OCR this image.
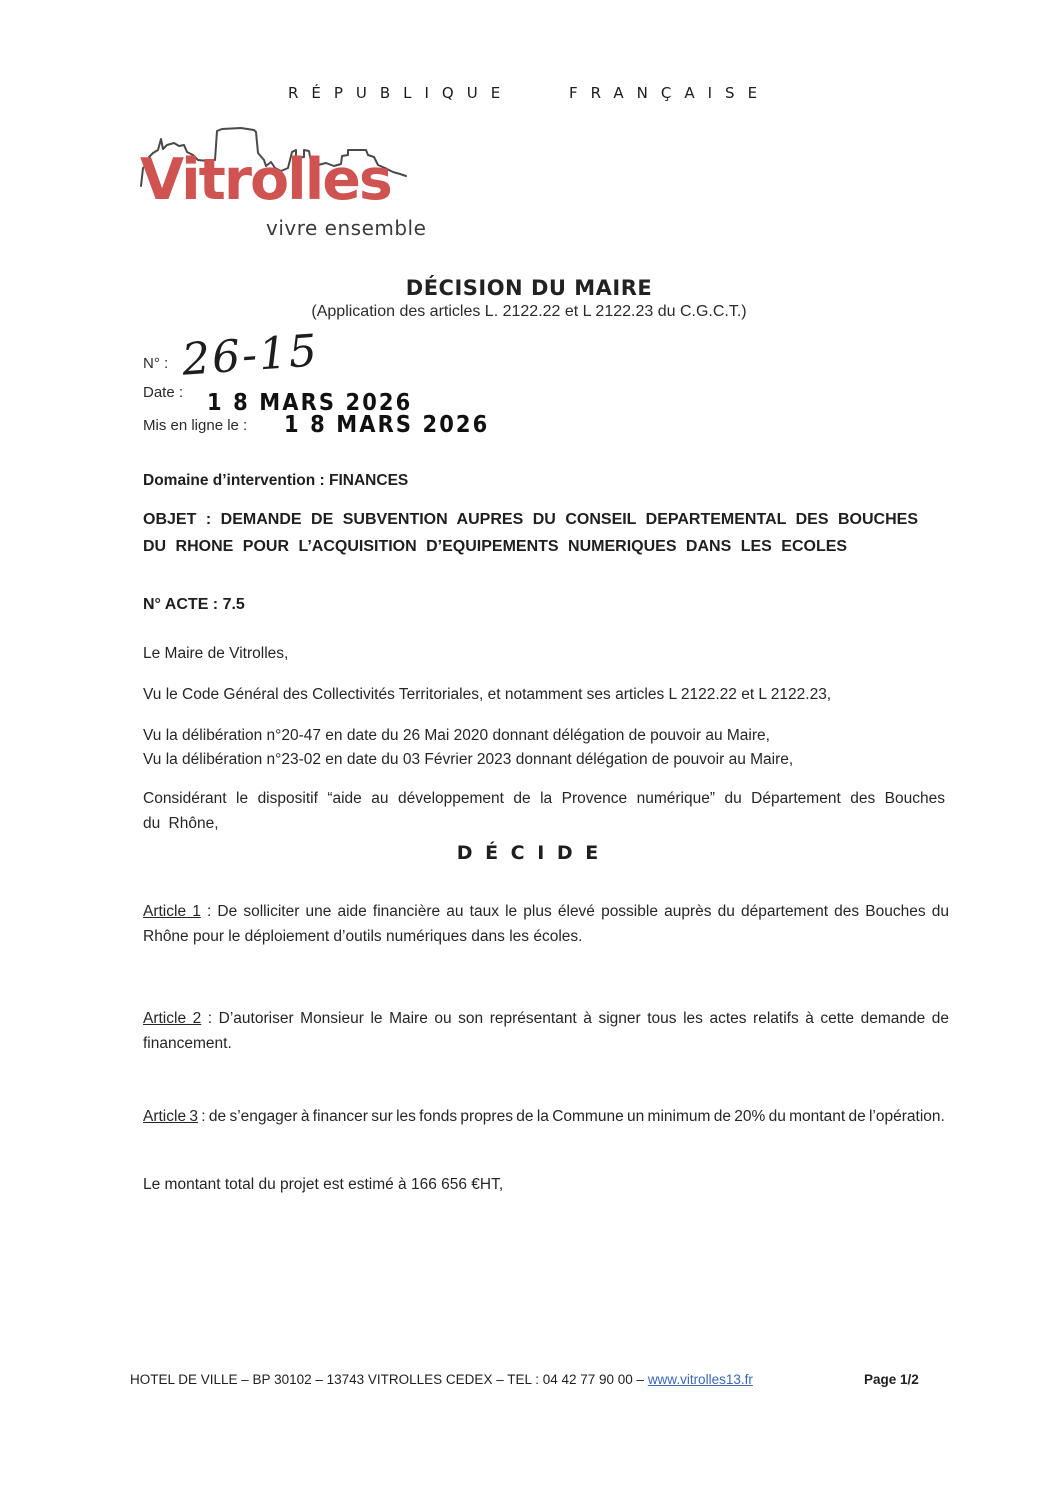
RÉPUBLIQUE FRANÇAISE
Vitrolles
vivre ensemble
DÉCISION DU MAIRE
(Application des articles L. 2122.22 et L 2122.23 du C.G.C.T.)
N° : 26-15
Date : 1 8 MARS 2026
Mis en ligne le : 1 8 MARS 2026
Domaine d’intervention : FINANCES
OBJET : DEMANDE DE SUBVENTION AUPRES DU CONSEIL DEPARTEMENTAL DES BOUCHES DU RHONE POUR L’ACQUISITION D’EQUIPEMENTS NUMERIQUES DANS LES ECOLES
N° ACTE : 7.5
Le Maire de Vitrolles,
Vu le Code Général des Collectivités Territoriales, et notamment ses articles L 2122.22 et L 2122.23,
Vu la délibération n°20-47 en date du 26 Mai 2020 donnant délégation de pouvoir au Maire,
Vu la délibération n°23-02 en date du 03 Février 2023 donnant délégation de pouvoir au Maire,
Considérant le dispositif “aide au développement de la Provence numérique” du Département des Bouches du Rhône,
D É C I D E
Article 1 : De solliciter une aide financière au taux le plus élevé possible auprès du département des Bouches du Rhône pour le déploiement d’outils numériques dans les écoles.
Article 2 : D’autoriser Monsieur le Maire ou son représentant à signer tous les actes relatifs à cette demande de financement.
Article 3 : de s’engager à financer sur les fonds propres de la Commune un minimum de 20% du montant de l’opération.
Le montant total du projet est estimé à 166 656 €HT,
HOTEL DE VILLE – BP 30102 – 13743 VITROLLES CEDEX – TEL : 04 42 77 90 00 – www.vitrolles13.fr	Page 1/2
